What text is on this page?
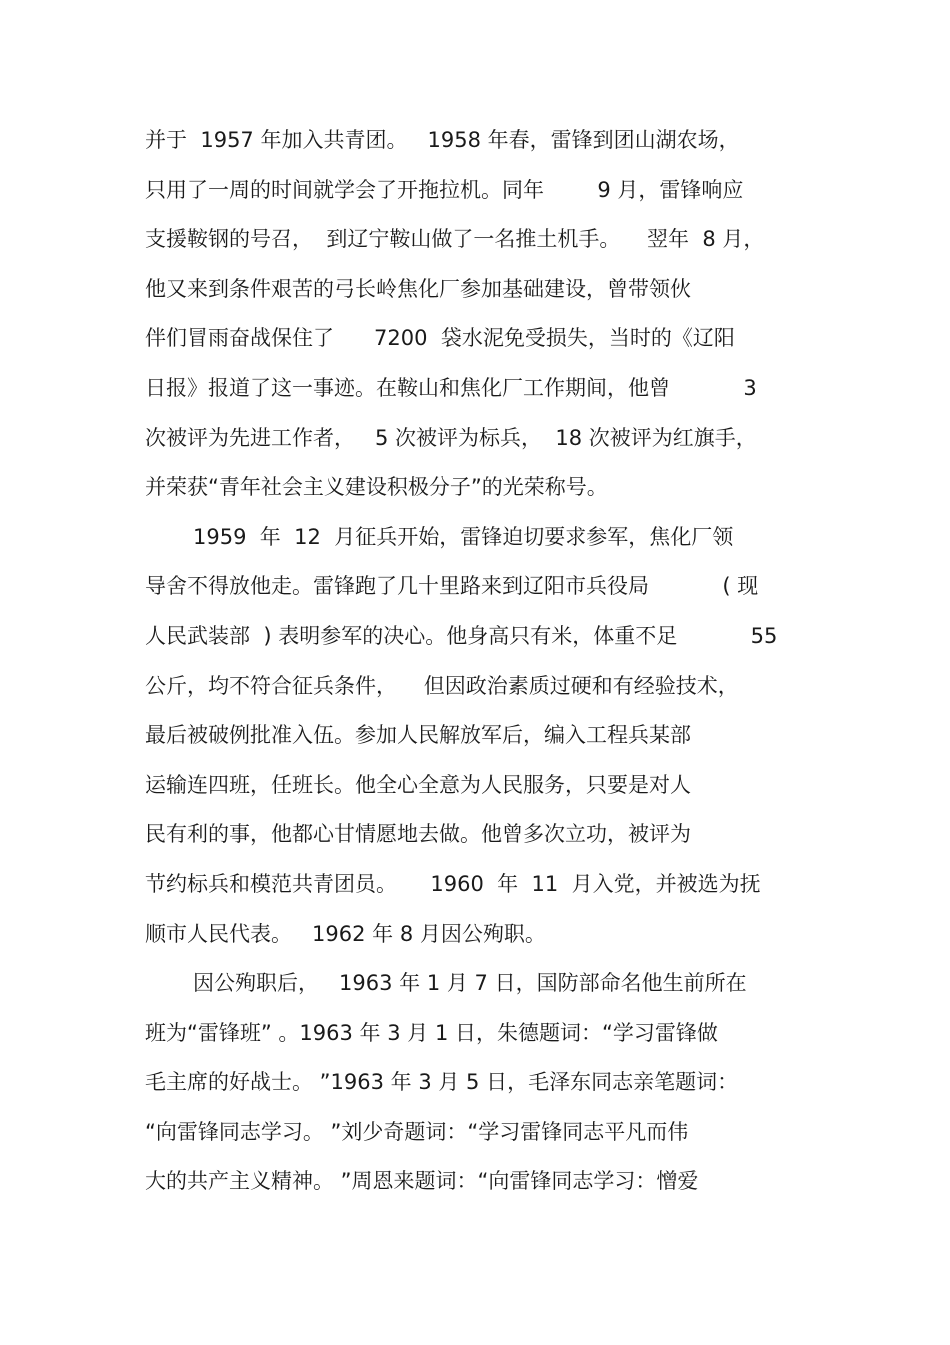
并于  1957 年加入共青团。   1958 年春，雷锋到团山湖农场，
只用了一周的时间就学会了开拖拉机。同年        9 月，雷锋响应
支援鞍钢的号召，  到辽宁鞍山做了一名推土机手。    翌年  8 月，
他又来到条件艰苦的弓长岭焦化厂参加基础建设，曾带领伙
伴们冒雨奋战保住了      7200  袋水泥免受损失，当时的《辽阳
日报》报道了这一事迹。在鞍山和焦化厂工作期间，他曾           3
次被评为先进工作者，   5 次被评为标兵，  18 次被评为红旗手，
并荣获“青年社会主义建设积极分子”的光荣称号。
1959  年  12  月征兵开始，雷锋迫切要求参军，焦化厂领
导舍不得放他走。雷锋跑了几十里路来到辽阳市兵役局           ( 现
人民武装部  ) 表明参军的决心。他身高只有米，体重不足           55
公斤，均不符合征兵条件，    但因政治素质过硬和有经验技术，
最后被破例批准入伍。参加人民解放军后，编入工程兵某部
运输连四班，任班长。他全心全意为人民服务，只要是对人
民有利的事，他都心甘情愿地去做。他曾多次立功，被评为
节约标兵和模范共青团员。     1960  年  11  月入党，并被选为抚
顺市人民代表。   1962 年 8 月因公殉职。
因公殉职后，   1963 年 1 月 7 日，国防部命名他生前所在
班为“雷锋班” 。1963 年 3 月 1 日，朱德题词：“学习雷锋做
毛主席的好战士。 ”1963 年 3 月 5 日，毛泽东同志亲笔题词：
“向雷锋同志学习。 ”刘少奇题词：“学习雷锋同志平凡而伟
大的共产主义精神。 ”周恩来题词：“向雷锋同志学习：憎爱
